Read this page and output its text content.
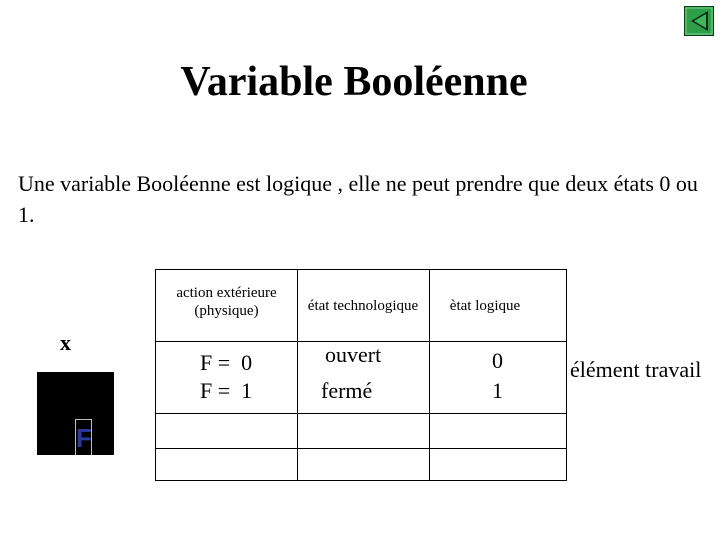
Variable Booléenne
Une variable Booléenne est logique , elle ne peut prendre que deux états 0 ou 1.
x
F
action extérieure
(physique)	état technologique	ètat logique
F =  0	ouvert	0
F =  1	fermé	1
élément travail
